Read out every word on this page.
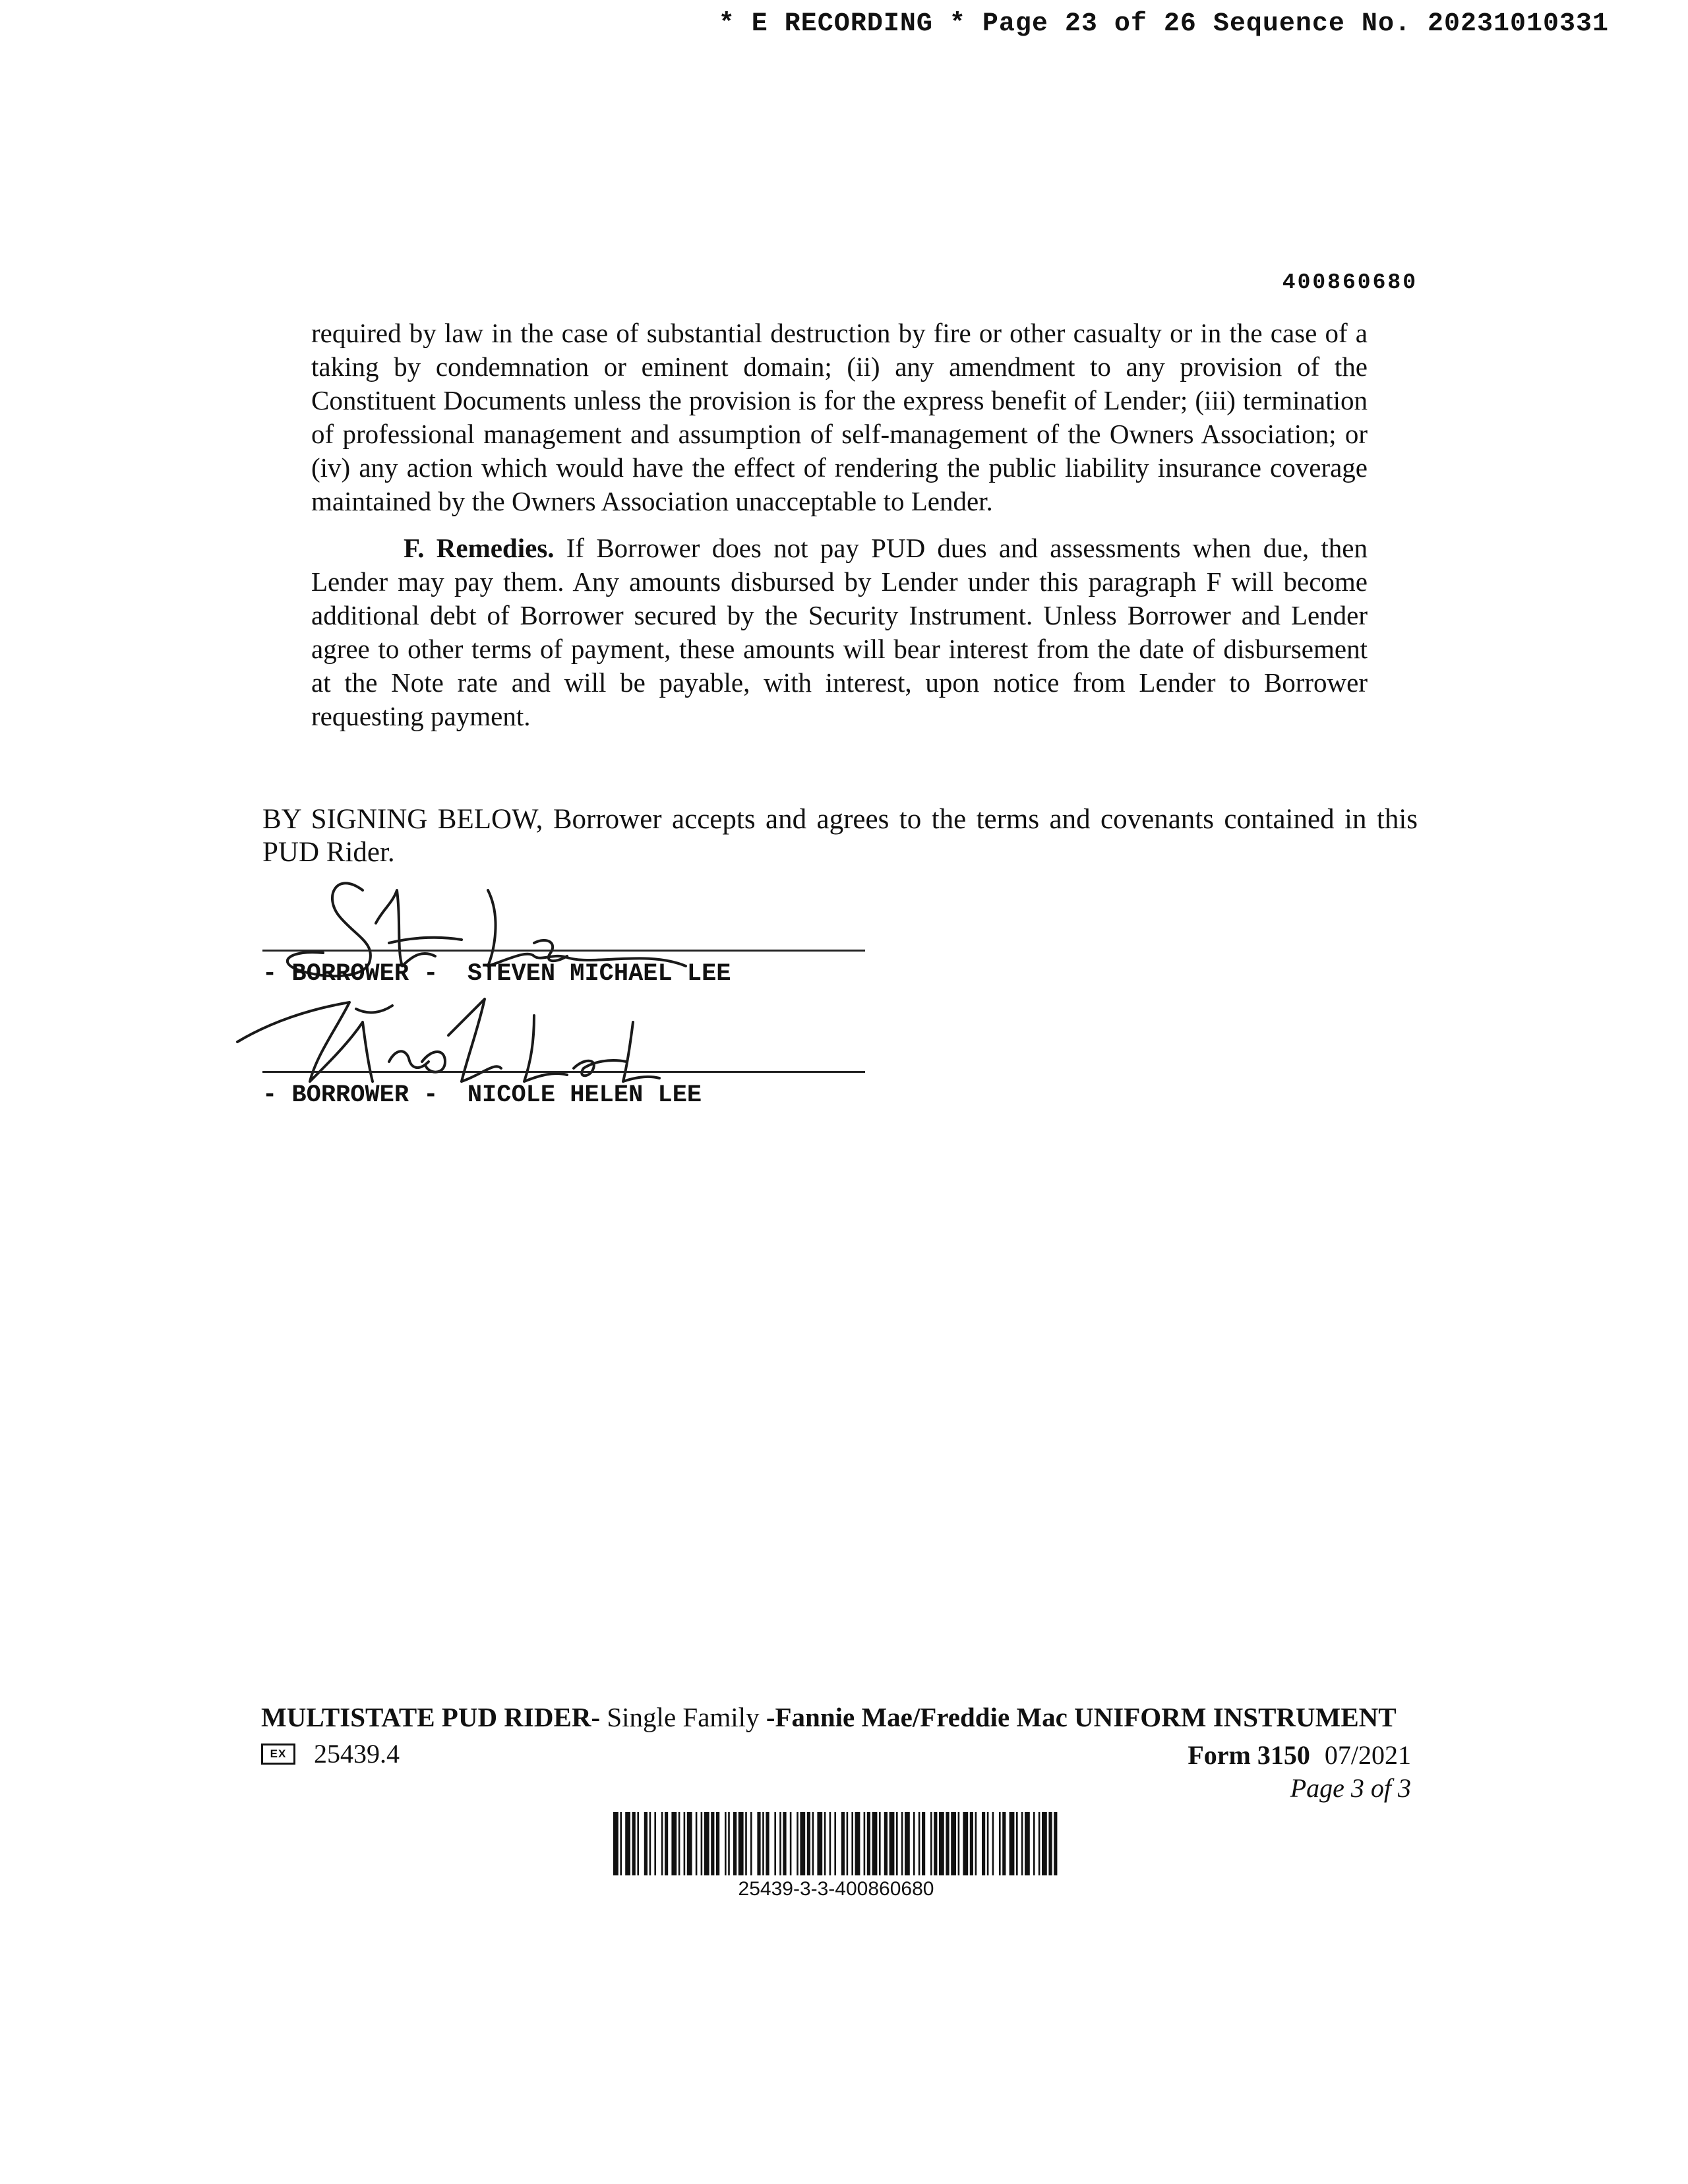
* E RECORDING * Page 23 of 26 Sequence No. 20231010331
400860680
required by law in the case of substantial destruction by fire or other casualty or in the case of a taking by condemnation or eminent domain; (ii) any amendment to any provision of the Constituent Documents unless the provision is for the express benefit of Lender; (iii) termination of professional management and assumption of self-management of the Owners Association; or (iv) any action which would have the effect of rendering the public liability insurance coverage maintained by the Owners Association unacceptable to Lender.
F. Remedies. If Borrower does not pay PUD dues and assessments when due, then Lender may pay them. Any amounts disbursed by Lender under this paragraph F will become additional debt of Borrower secured by the Security Instrument. Unless Borrower and Lender agree to other terms of payment, these amounts will bear interest from the date of disbursement at the Note rate and will be payable, with interest, upon notice from Lender to Borrower requesting payment.
BY SIGNING BELOW, Borrower accepts and agrees to the terms and covenants contained in this PUD Rider.
- BORROWER -  STEVEN MICHAEL LEE
- BORROWER -  NICOLE HELEN LEE
MULTISTATE PUD RIDER- Single Family -Fannie Mae/Freddie Mac UNIFORM INSTRUMENT
EX	25439.4	Form 3150 07/2021
Page 3 of 3
25439-3-3-400860680
